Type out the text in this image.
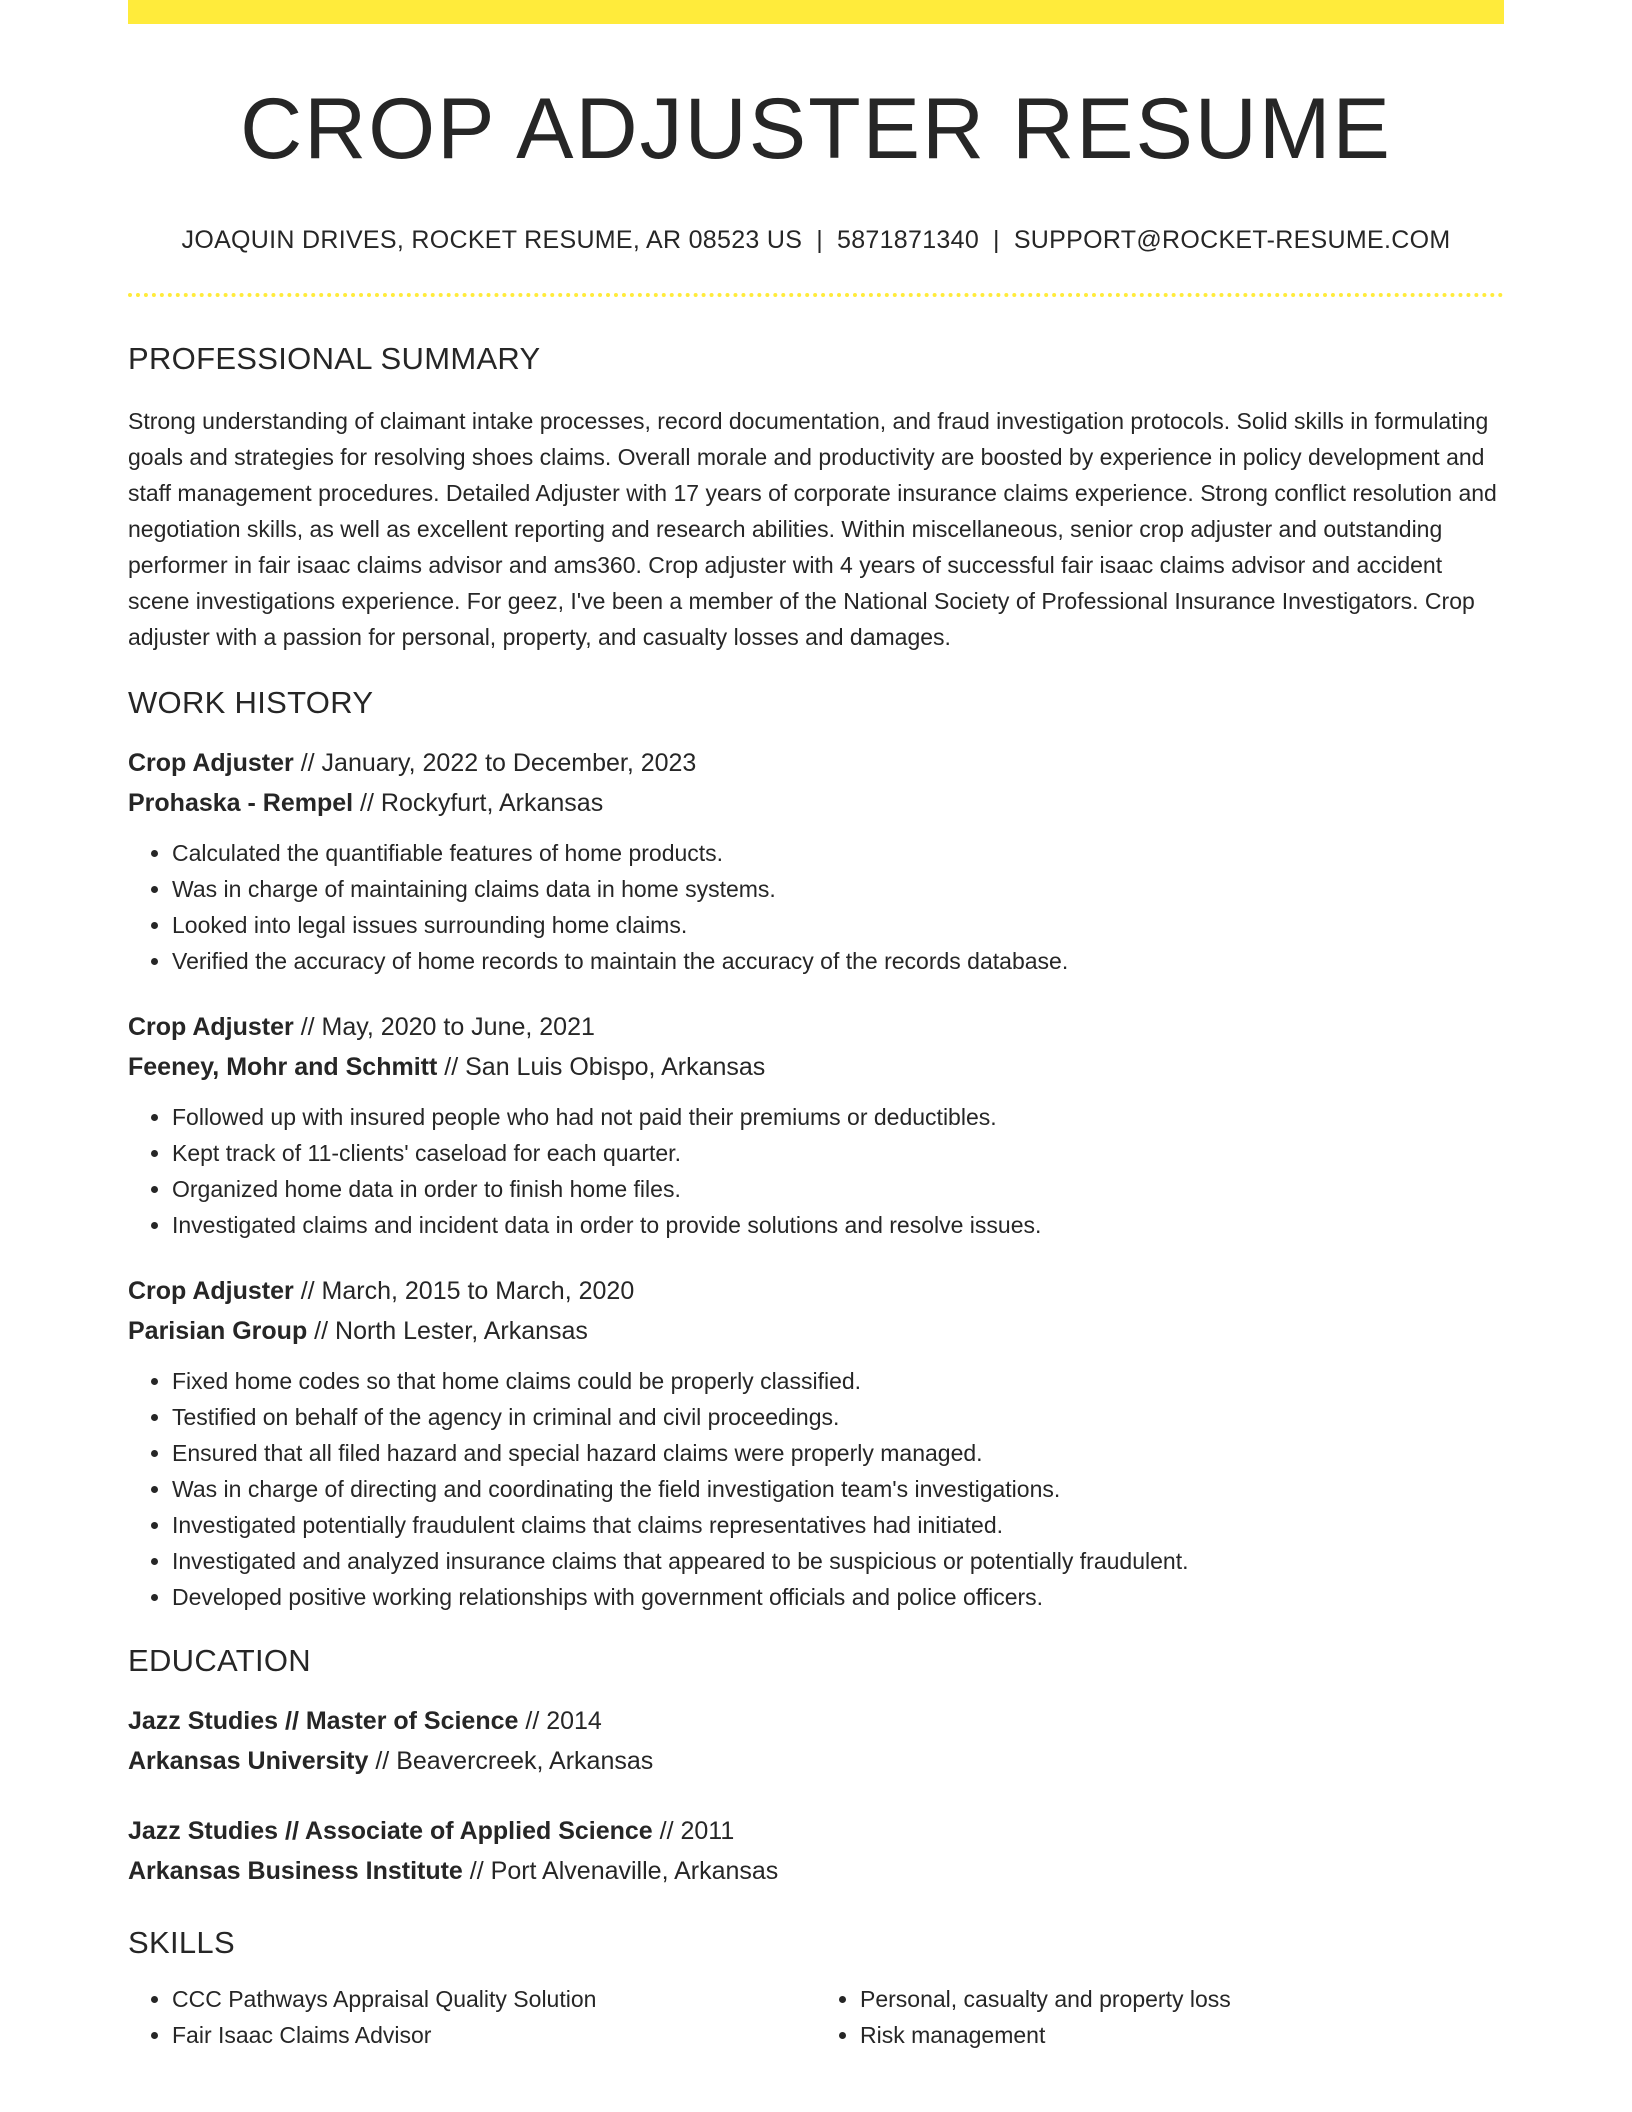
CROP ADJUSTER RESUME
JOAQUIN DRIVES, ROCKET RESUME, AR 08523 US | 5871871340 | SUPPORT@ROCKET-RESUME.COM
PROFESSIONAL SUMMARY

Strong understanding of claimant intake processes, record documentation, and fraud investigation protocols. Solid skills in formulating goals and strategies for resolving shoes claims. Overall morale and productivity are boosted by experience in policy development and staff management procedures. Detailed Adjuster with 17 years of corporate insurance claims experience. Strong conflict resolution and negotiation skills, as well as excellent reporting and research abilities. Within miscellaneous, senior crop adjuster and outstanding performer in fair isaac claims advisor and ams360. Crop adjuster with 4 years of successful fair isaac claims advisor and accident scene investigations experience. For geez, I've been a member of the National Society of Professional Insurance Investigators. Crop adjuster with a passion for personal, property, and casualty losses and damages.

WORK HISTORY
Crop Adjuster // January, 2022 to December, 2023
Prohaska - Rempel // Rockyfurt, Arkansas
• Calculated the quantifiable features of home products.
• Was in charge of maintaining claims data in home systems.
• Looked into legal issues surrounding home claims.
• Verified the accuracy of home records to maintain the accuracy of the records database.
Crop Adjuster // May, 2020 to June, 2021
Feeney, Mohr and Schmitt // San Luis Obispo, Arkansas
• Followed up with insured people who had not paid their premiums or deductibles.
• Kept track of 11-clients' caseload for each quarter.
• Organized home data in order to finish home files.
• Investigated claims and incident data in order to provide solutions and resolve issues.
Crop Adjuster // March, 2015 to March, 2020
Parisian Group // North Lester, Arkansas
• Fixed home codes so that home claims could be properly classified.
• Testified on behalf of the agency in criminal and civil proceedings.
• Ensured that all filed hazard and special hazard claims were properly managed.
• Was in charge of directing and coordinating the field investigation team's investigations.
• Investigated potentially fraudulent claims that claims representatives had initiated.
• Investigated and analyzed insurance claims that appeared to be suspicious or potentially fraudulent.
• Developed positive working relationships with government officials and police officers.
EDUCATION
Jazz Studies // Master of Science // 2014
Arkansas University // Beavercreek, Arkansas
Jazz Studies // Associate of Applied Science // 2011
Arkansas Business Institute // Port Alvenaville, Arkansas
SKILLS
• CCC Pathways Appraisal Quality Solution
• Fair Isaac Claims Advisor
• Personal, casualty and property loss
• Risk management
